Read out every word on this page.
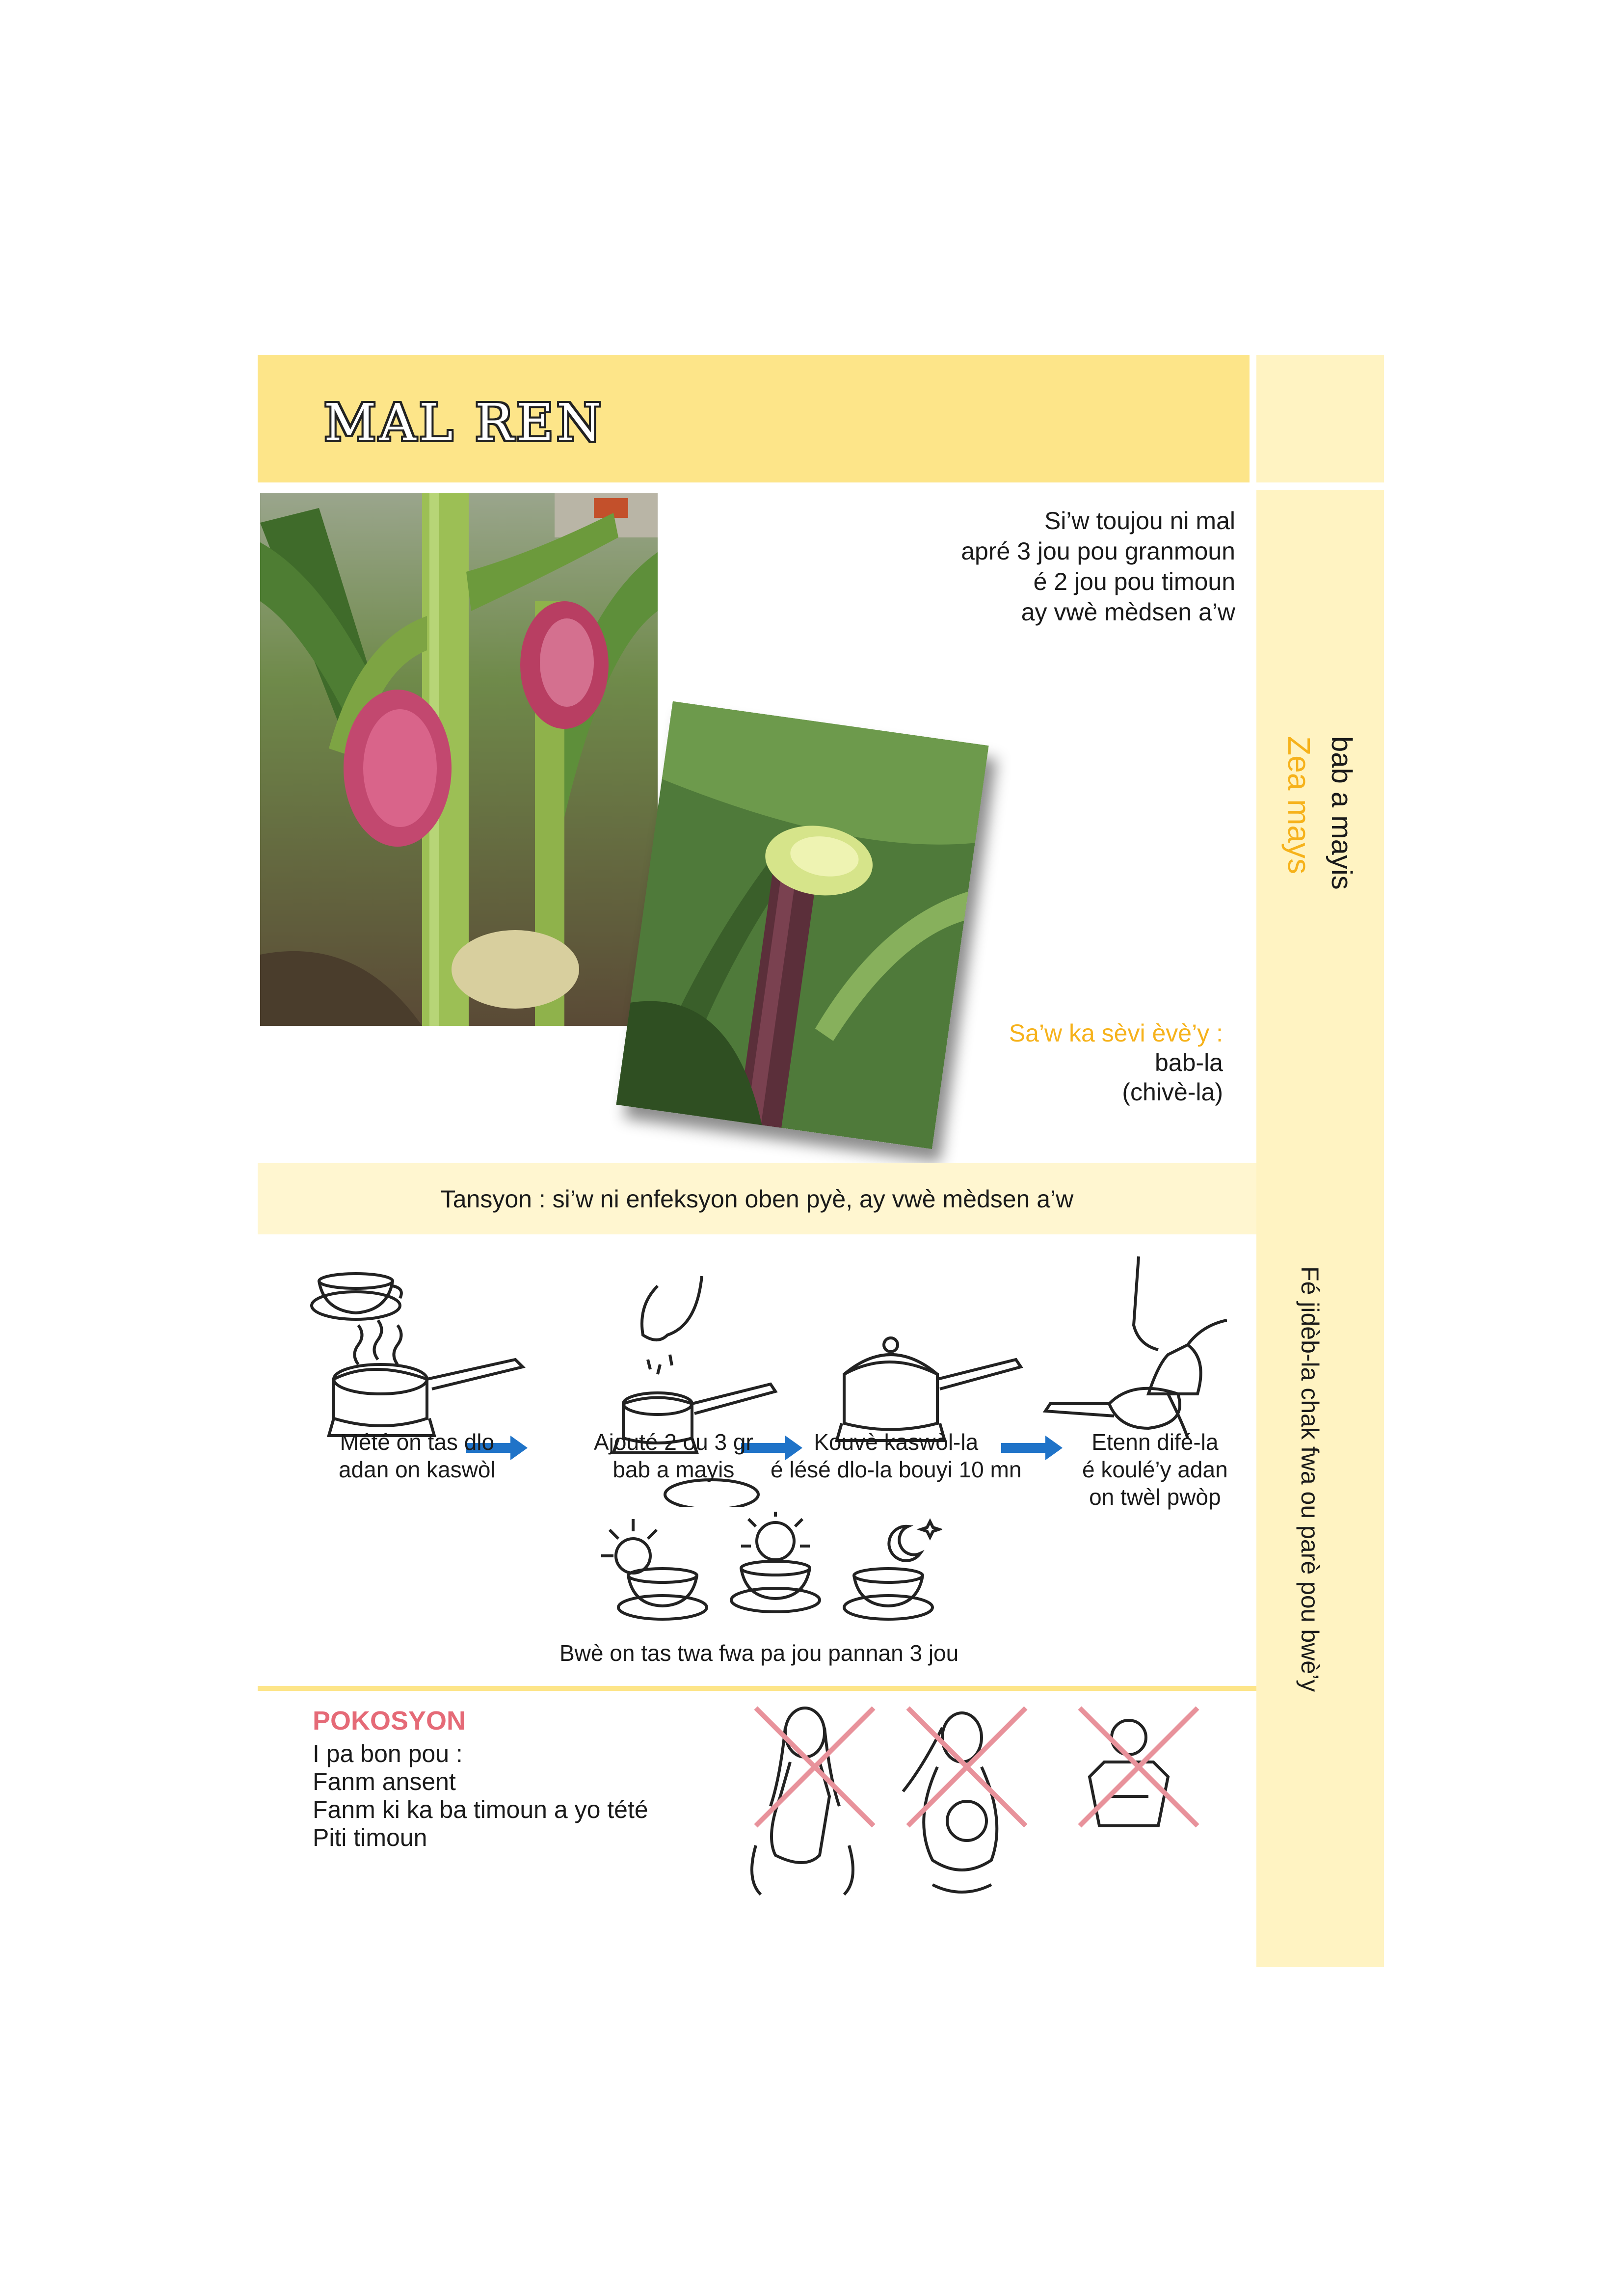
MAL REN
Si’w toujou ni mal
apré 3 jou pou granmoun
é 2 jou pou timoun
ay vwè mèdsen a’w
bab a mayis
Zea mays
Sa’w ka sèvi èvè’y :
bab-la
(chivè-la)
Tansyon : si’w ni enfeksyon oben pyè, ay vwè mèdsen a’w
Mété on tas dlo
adan on kaswòl
Ajouté 2 ou 3 gr
bab a mayis
Kouvè kaswòl-la
é lésé dlo-la bouyi 10 mn
Etenn difé-la
é koulé’y adan
on twèl pwòp
Bwè on tas twa fwa pa jou pannan 3 jou	Fé jidèb-la chak fwa ou parè pou bwè’y
POKOSYON
I pa bon pou :
Fanm ansent
Fanm ki ka ba timoun a yo tété
Piti timoun
